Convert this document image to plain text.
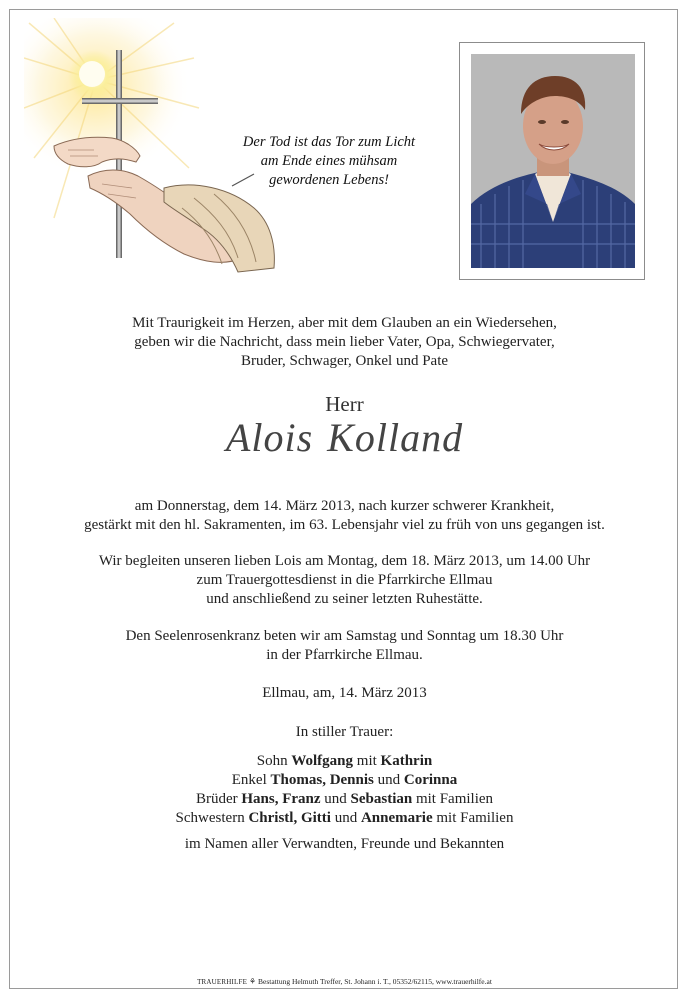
Der Tod ist das Tor zum Licht
am Ende eines mühsam
gewordenen Lebens!
Mit Traurigkeit im Herzen, aber mit dem Glauben an ein Wiedersehen,
geben wir die Nachricht, dass mein lieber Vater, Opa, Schwiegervater,
Bruder, Schwager, Onkel und Pate
Herr
Alois Kolland
am Donnerstag, dem 14. März 2013, nach kurzer schwerer Krankheit,
gestärkt mit den hl. Sakramenten, im 63. Lebensjahr viel zu früh von uns gegangen ist.
Wir begleiten unseren lieben Lois am Montag, dem 18. März 2013, um 14.00 Uhr
zum Trauergottesdienst in die Pfarrkirche Ellmau
und anschließend zu seiner letzten Ruhestätte.
Den Seelenrosenkranz beten wir am Samstag und Sonntag um 18.30 Uhr
in der Pfarrkirche Ellmau.
Ellmau, am, 14. März 2013
In stiller Trauer:
Sohn Wolfgang mit Kathrin
Enkel Thomas, Dennis und Corinna
Brüder Hans, Franz und Sebastian mit Familien
Schwestern Christl, Gitti und Annemarie mit Familien
im Namen aller Verwandten, Freunde und Bekannten
TRAUERHILFE ⚘ Bestattung Helmuth Treffer, St. Johann i. T., 05352/62115, www.trauerhilfe.at
